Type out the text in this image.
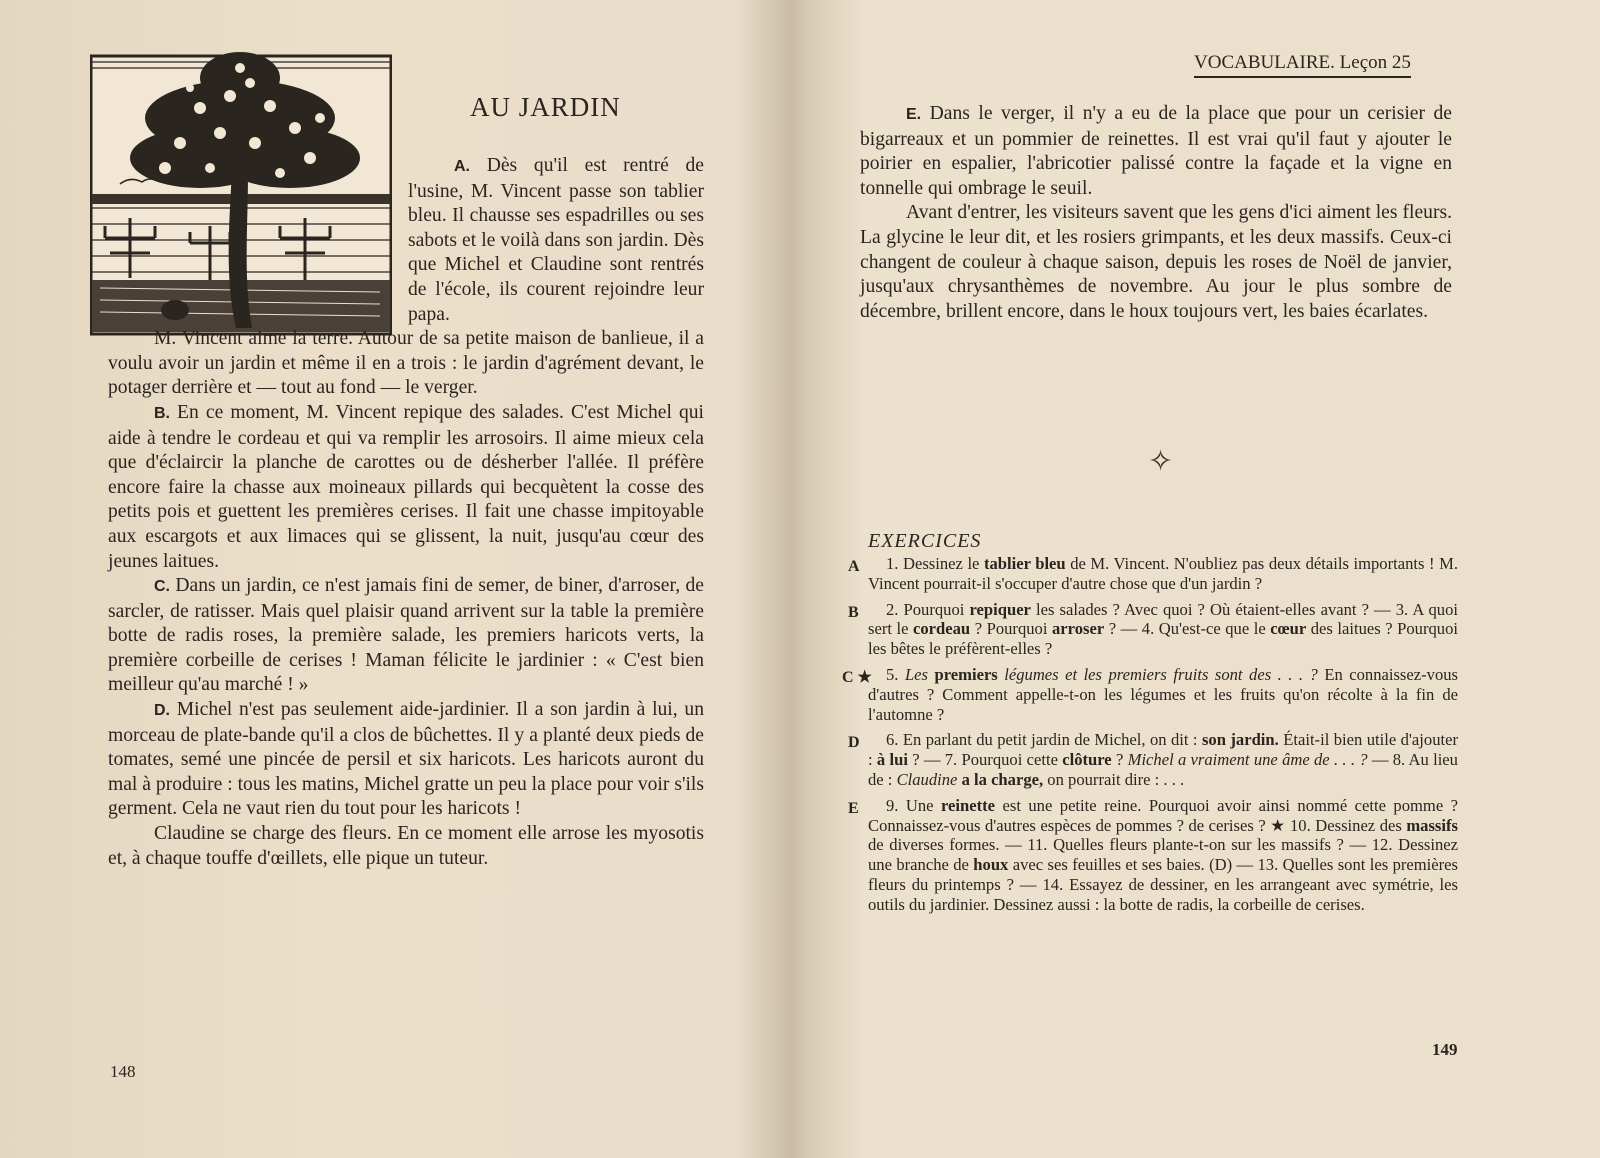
AU JARDIN

A. Dès qu'il est rentré de l'usine, M. Vincent passe son tablier bleu. Il chausse ses espadrilles ou ses sabots et le voilà dans son jardin. Dès que Michel et Claudine sont rentrés de l'école, ils courent rejoindre leur papa.

M. Vincent aime la terre. Autour de sa petite maison de banlieue, il a voulu avoir un jardin et même il en a trois : le jardin d'agrément devant, le potager derrière et — tout au fond — le verger.

B. En ce moment, M. Vincent repique des salades. C'est Michel qui aide à tendre le cordeau et qui va remplir les arrosoirs. Il aime mieux cela que d'éclaircir la planche de carottes ou de désherber l'allée. Il préfère encore faire la chasse aux moineaux pillards qui becquètent la cosse des petits pois et guettent les premières cerises. Il fait une chasse impitoyable aux escargots et aux limaces qui se glissent, la nuit, jusqu'au cœur des jeunes laitues.

C. Dans un jardin, ce n'est jamais fini de semer, de biner, d'arroser, de sarcler, de ratisser. Mais quel plaisir quand arrivent sur la table la première botte de radis roses, la première salade, les premiers haricots verts, la première corbeille de cerises ! Maman félicite le jardinier : « C'est bien meilleur qu'au marché ! »

D. Michel n'est pas seulement aide-jardinier. Il a son jardin à lui, un morceau de plate-bande qu'il a clos de bûchettes. Il y a planté deux pieds de tomates, semé une pincée de persil et six haricots. Les haricots auront du mal à produire : tous les matins, Michel gratte un peu la place pour voir s'ils germent. Cela ne vaut rien du tout pour les haricots !

Claudine se charge des fleurs. En ce moment elle arrose les myosotis et, à chaque touffe d'œillets, elle pique un tuteur.

148
VOCABULAIRE. Leçon 25

E. Dans le verger, il n'y a eu de la place que pour un cerisier de bigarreaux et un pommier de reinettes. Il est vrai qu'il faut y ajouter le poirier en espalier, l'abricotier palissé contre la façade et la vigne en tonnelle qui ombrage le seuil.

Avant d'entrer, les visiteurs savent que les gens d'ici aiment les fleurs. La glycine le leur dit, et les rosiers grimpants, et les deux massifs. Ceux-ci changent de couleur à chaque saison, depuis les roses de Noël de janvier, jusqu'aux chrysanthèmes de novembre. Au jour le plus sombre de décembre, brillent encore, dans le houx toujours vert, les baies écarlates.

✧
EXERCICES
A	1. Dessinez le tablier bleu de M. Vincent. N'oubliez pas deux détails importants ! M. Vincent pourrait-il s'occuper d'autre chose que d'un jardin ?

B	2. Pourquoi repiquer les salades ? Avec quoi ? Où étaient-elles avant ? — 3. A quoi sert le cordeau ? Pourquoi arroser ? — 4. Qu'est-ce que le cœur des laitues ? Pourquoi les bêtes le préfèrent-elles ?

C ★ 5. Les premiers légumes et les premiers fruits sont des . . . ? En connaissez-vous d'autres ? Comment appelle-t-on les légumes et les fruits qu'on récolte à la fin de l'automne ?

D	6. En parlant du petit jardin de Michel, on dit : son jardin. Était-il bien utile d'ajouter : à lui ? — 7. Pourquoi cette clôture ? Michel a vraiment une âme de . . . ? — 8. Au lieu de : Claudine a la charge, on pourrait dire : . . .

E	9. Une reinette est une petite reine. Pourquoi avoir ainsi nommé cette pomme ? Connaissez-vous d'autres espèces de pommes ? de cerises ? ★ 10. Dessinez des massifs de diverses formes. — 11. Quelles fleurs plante-t-on sur les massifs ? — 12. Dessinez une branche de houx avec ses feuilles et ses baies. (D) — 13. Quelles sont les premières fleurs du printemps ? — 14. Essayez de dessiner, en les arrangeant avec symétrie, les outils du jardinier. Dessinez aussi : la botte de radis, la corbeille de cerises.

149
